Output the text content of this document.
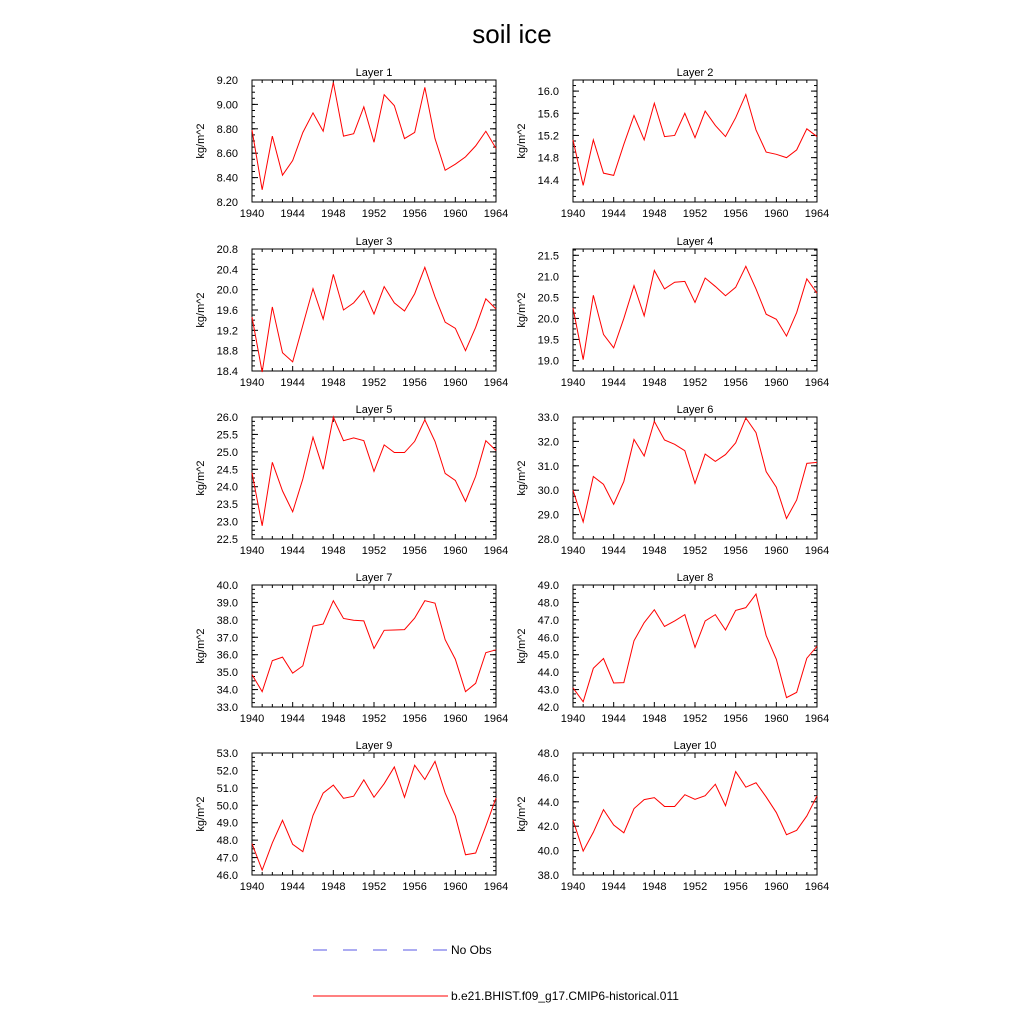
soil ice
Layer 1
kg/m^2
1940 1944 1948 1952 1956 1960 1964
8.20
8.40
8.60
8.80
9.00
9.20
Layer 2
kg/m^2
1940 1944 1948 1952 1956 1960 1964
14.4
14.8
15.2
15.6
16.0
Layer 3
kg/m^2
1940 1944 1948 1952 1956 1960 1964
18.4
18.8
19.2
19.6
20.0
20.4
20.8
Layer 4
kg/m^2
1940 1944 1948 1952 1956 1960 1964
19.0
19.5
20.0
20.5
21.0
21.5
Layer 5
kg/m^2
1940 1944 1948 1952 1956 1960 1964
22.5
23.0
23.5
24.0
24.5
25.0
25.5
26.0
Layer 6
kg/m^2
1940 1944 1948 1952 1956 1960 1964
28.0
29.0
30.0
31.0
32.0
33.0
Layer 7
kg/m^2
1940 1944 1948 1952 1956 1960 1964
33.0
34.0
35.0
36.0
37.0
38.0
39.0
40.0
Layer 8
kg/m^2
1940 1944 1948 1952 1956 1960 1964
42.0
43.0
44.0
45.0
46.0
47.0
48.0
49.0
Layer 9
kg/m^2
1940 1944 1948 1952 1956 1960 1964
46.0
47.0
48.0
49.0
50.0
51.0
52.0
53.0
Layer 10
kg/m^2
1940 1944 1948 1952 1956 1960 1964
38.0
40.0
42.0
44.0
46.0
48.0
No Obs
b.e21.BHIST.f09_g17.CMIP6-historical.011
